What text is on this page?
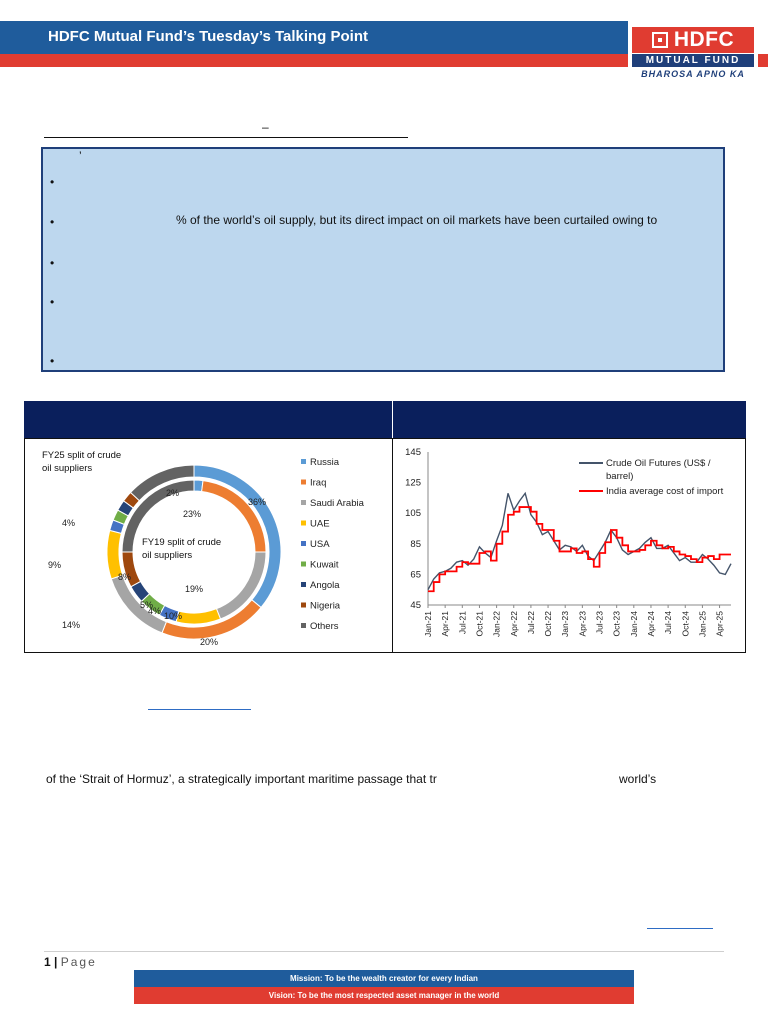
HDFC Mutual Fund’s Tuesday’s Talking Point	HDFC
MUTUAL FUND
BHAROSA APNO KA
–
’
•
•	% of the world’s oil supply, but its direct impact on oil markets have been curtailed owing to
•
•
•
FY25 split of crude
oil suppliers
FY19 split of crude
oil suppliers
36%
20%
14%
9%
4%
2%
23%
19%
10%
4%
5%
8%
Russia
Iraq
Saudi Arabia
UAE
USA
Kuwait
Angola
Nigeria
Others
45
65
85
105
125
145
Jan-21 Apr-21 Jul-21 Oct-21 Jan-22 Apr-22 Jul-22 Oct-22 Jan-23 Apr-23 Jul-23 Oct-23 Jan-24 Apr-24 Jul-24 Oct-24 Jan-25 Apr-25
Crude Oil Futures (US$ /
barrel)
India average cost of import
of the ‘Strait of Hormuz’, a strategically important maritime passage that tr	world’s
1 | Page
Mission: To be the wealth creator for every Indian
Vision: To be the most respected asset manager in the world
